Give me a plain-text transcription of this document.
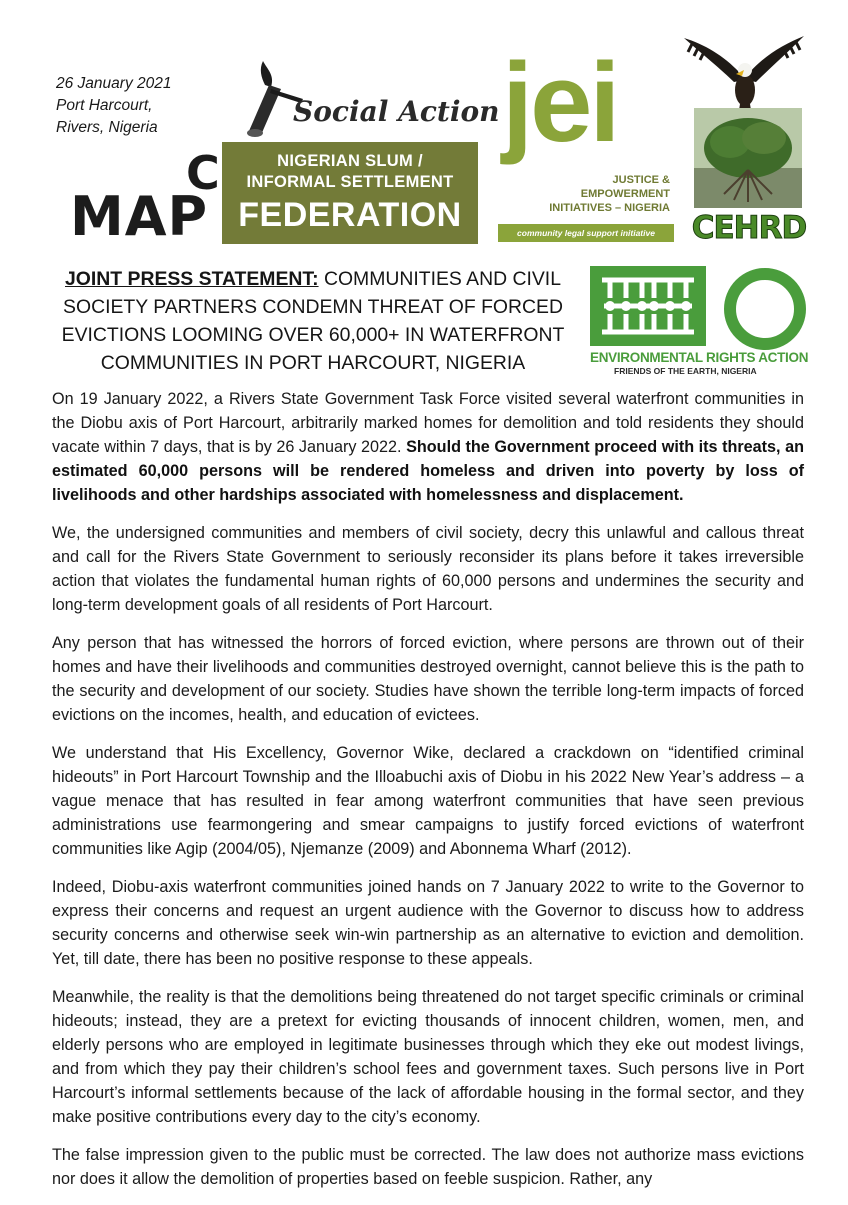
26 January 2021
Port Harcourt,
Rivers, Nigeria
C
MAP
Social Action
NIGERIAN SLUM /
INFORMAL SETTLEMENT
FEDERATION
jei
JUSTICE &
EMPOWERMENT
INITIATIVES – NIGERIA
community legal support initiative	CEHRD
JOINT PRESS STATEMENT: COMMUNITIES AND CIVIL SOCIETY PARTNERS CONDEMN THREAT OF FORCED EVICTIONS LOOMING OVER 60,000+ IN WATERFRONT COMMUNITIES IN PORT HARCOURT, NIGERIA	ENVIRONMENTAL RIGHTS ACTION
FRIENDS OF THE EARTH, NIGERIA

On 19 January 2022, a Rivers State Government Task Force visited several waterfront communities in the Diobu axis of Port Harcourt, arbitrarily marked homes for demolition and told residents they should vacate within 7 days, that is by 26 January 2022. Should the Government proceed with its threats, an estimated 60,000 persons will be rendered homeless and driven into poverty by loss of livelihoods and other hardships associated with homelessness and displacement.

We, the undersigned communities and members of civil society, decry this unlawful and callous threat and call for the Rivers State Government to seriously reconsider its plans before it takes irreversible action that violates the fundamental human rights of 60,000 persons and undermines the security and long-term development goals of all residents of Port Harcourt.

Any person that has witnessed the horrors of forced eviction, where persons are thrown out of their homes and have their livelihoods and communities destroyed overnight, cannot believe this is the path to the security and development of our society. Studies have shown the terrible long-term impacts of forced evictions on the incomes, health, and education of evictees.

We understand that His Excellency, Governor Wike, declared a crackdown on “identified criminal hideouts” in Port Harcourt Township and the Illoabuchi axis of Diobu in his 2022 New Year’s address – a vague menace that has resulted in fear among waterfront communities that have seen previous administrations use fearmongering and smear campaigns to justify forced evictions of waterfront communities like Agip (2004/05), Njemanze (2009) and Abonnema Wharf (2012).

Indeed, Diobu-axis waterfront communities joined hands on 7 January 2022 to write to the Governor to express their concerns and request an urgent audience with the Governor to discuss how to address security concerns and otherwise seek win-win partnership as an alternative to eviction and demolition. Yet, till date, there has been no positive response to these appeals.

Meanwhile, the reality is that the demolitions being threatened do not target specific criminals or criminal hideouts; instead, they are a pretext for evicting thousands of innocent children, women, men, and elderly persons who are employed in legitimate businesses through which they eke out modest livings, and from which they pay their children’s school fees and government taxes. Such persons live in Port Harcourt’s informal settlements because of the lack of affordable housing in the formal sector, and they make positive contributions every day to the city’s economy.

The false impression given to the public must be corrected. The law does not authorize mass evictions nor does it allow the demolition of properties based on feeble suspicion. Rather, any
